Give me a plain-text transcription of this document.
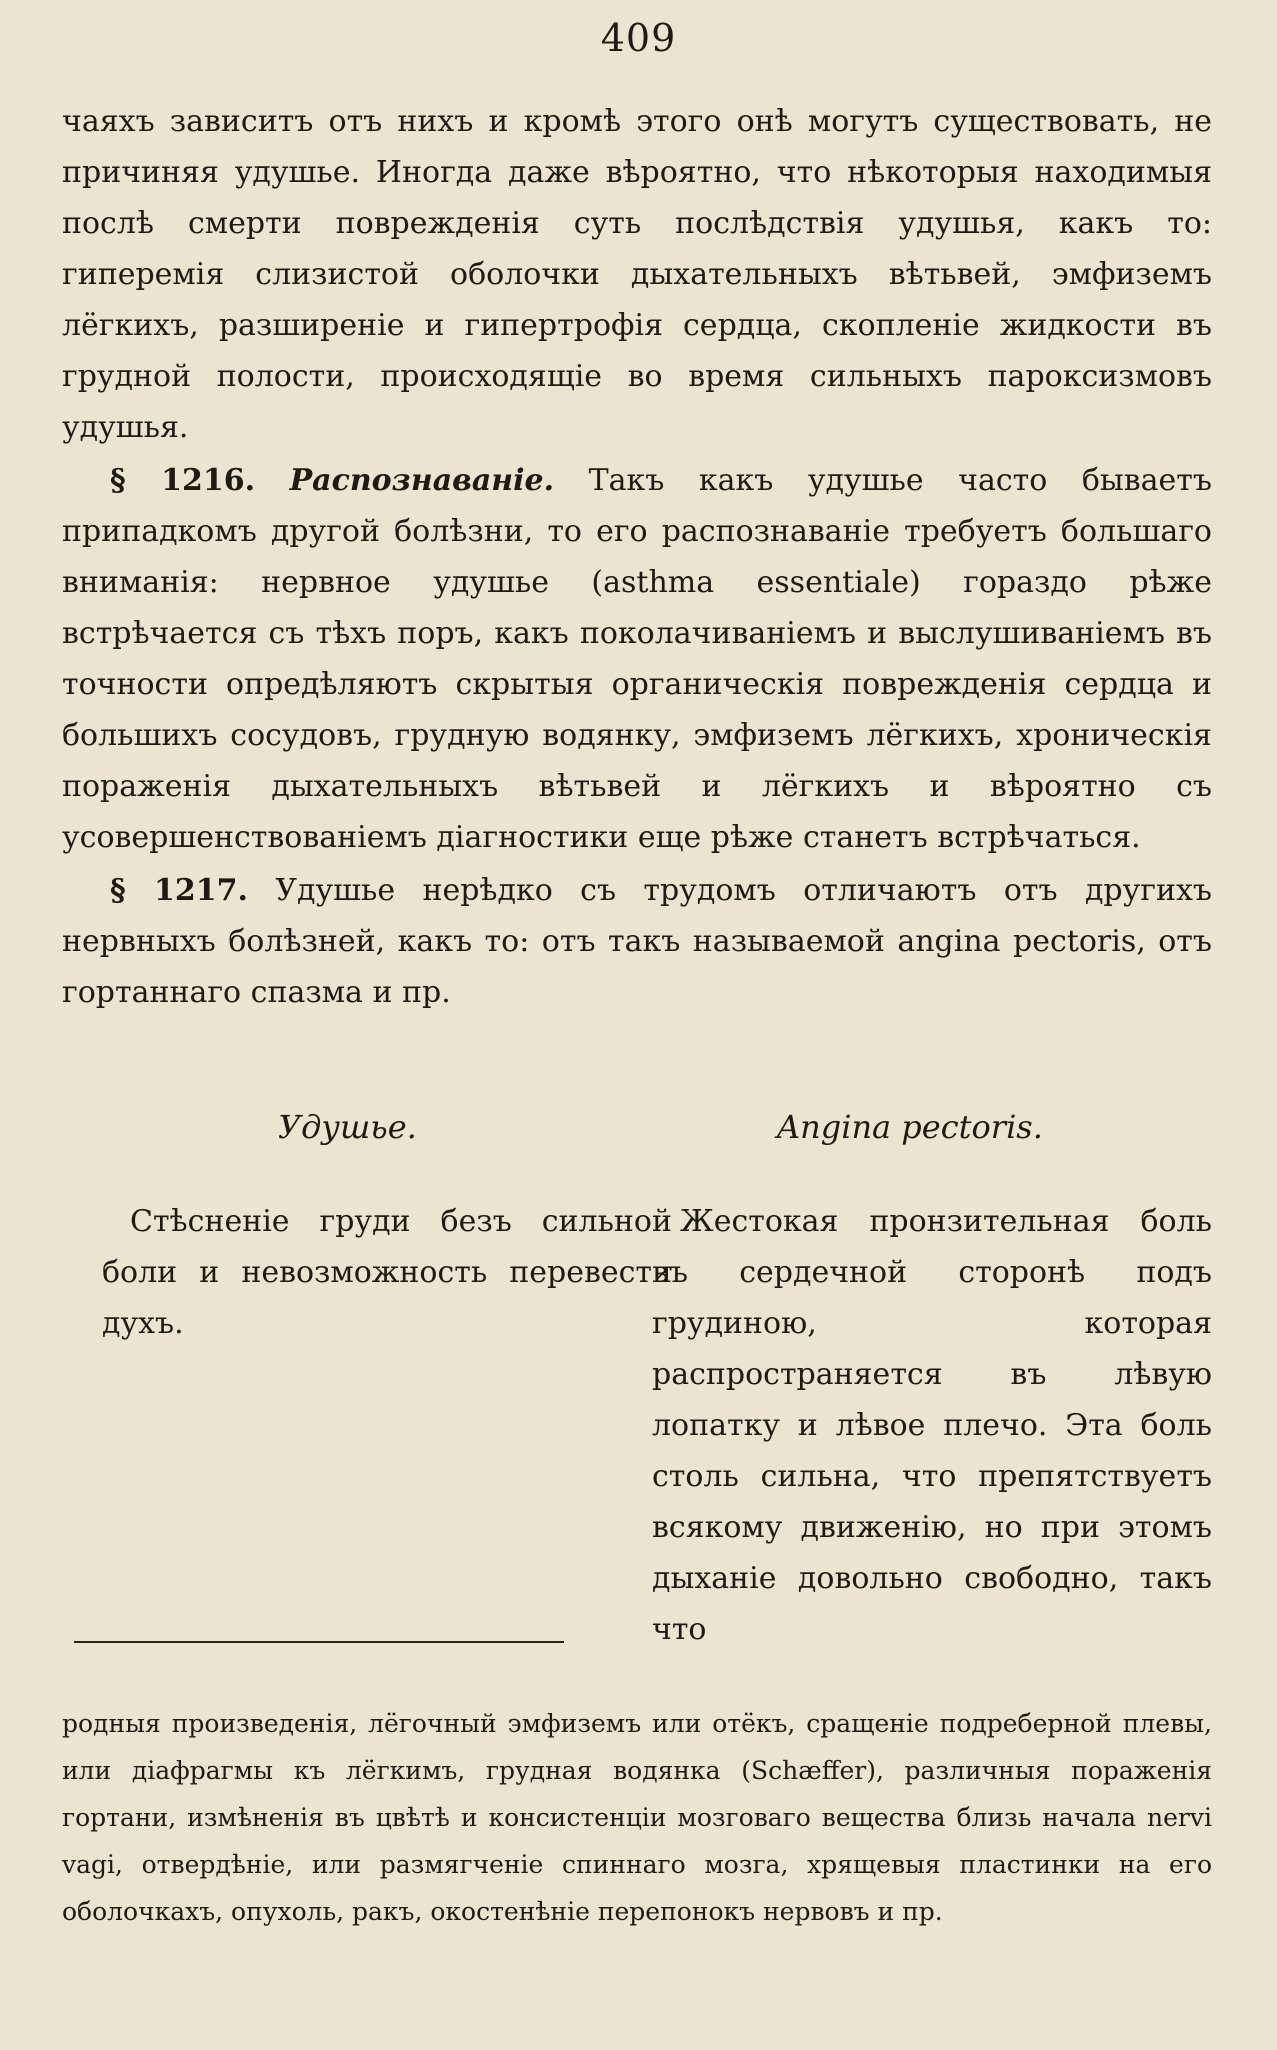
409

чаяхъ зависитъ отъ нихъ и кромѣ этого онѣ могутъ существовать, не причиняя удушье. Иногда даже вѣроятно, что нѣкоторыя находимыя послѣ смерти поврежденія суть послѣдствія удушья, какъ то: гиперемія слизистой оболочки дыхательныхъ вѣтьвей, эмфиземъ лёгкихъ, разширеніе и гипертрофія сердца, скопленіе жидкости въ грудной полости, происходящіе во время сильныхъ пароксизмовъ удушья.

§ 1216. Распознаваніе. Такъ какъ удушье часто бываетъ припадкомъ другой болѣзни, то его распознаваніе требуетъ большаго вниманія: нервное удушье (asthma essentiale) гораздо рѣже встрѣчается съ тѣхъ поръ, какъ поколачиваніемъ и выслушиваніемъ въ точности опредѣляютъ скрытыя органическія поврежденія сердца и большихъ сосудовъ, грудную водянку, эмфиземъ лёгкихъ, хроническія пораженія дыхательныхъ вѣтьвей и лёгкихъ и вѣроятно съ усовершенствованіемъ діагностики еще рѣже станетъ встрѣчаться.

§ 1217. Удушье нерѣдко съ трудомъ отличаютъ отъ другихъ нервныхъ болѣзней, какъ то: отъ такъ называемой angina pectoris, отъ гортаннаго спазма и пр.

Удушье.	Angina pectoris.

Стѣсненіе груди безъ сильной боли и невозможность перевести духъ.

Жестокая пронзительная боль въ сердечной сторонѣ подъ грудиною, которая распространяется въ лѣвую лопатку и лѣвое плечо. Эта боль столь сильна, что препятствуетъ всякому движенію, но при этомъ дыханіе довольно свободно, такъ что

родныя произведенія, лёгочный эмфиземъ или отёкъ, сращеніе подреберной плевы, или діафрагмы къ лёгкимъ, грудная водянка (Schæffer), различныя пораженія гортани, измѣненія въ цвѣтѣ и консистенціи мозговаго вещества близь начала nervi vagi, отвердѣніе, или размягченіе спиннаго мозга, хрящевыя пластинки на его оболочкахъ, опухоль, ракъ, окостенѣніе перепонокъ нервовъ и пр.
